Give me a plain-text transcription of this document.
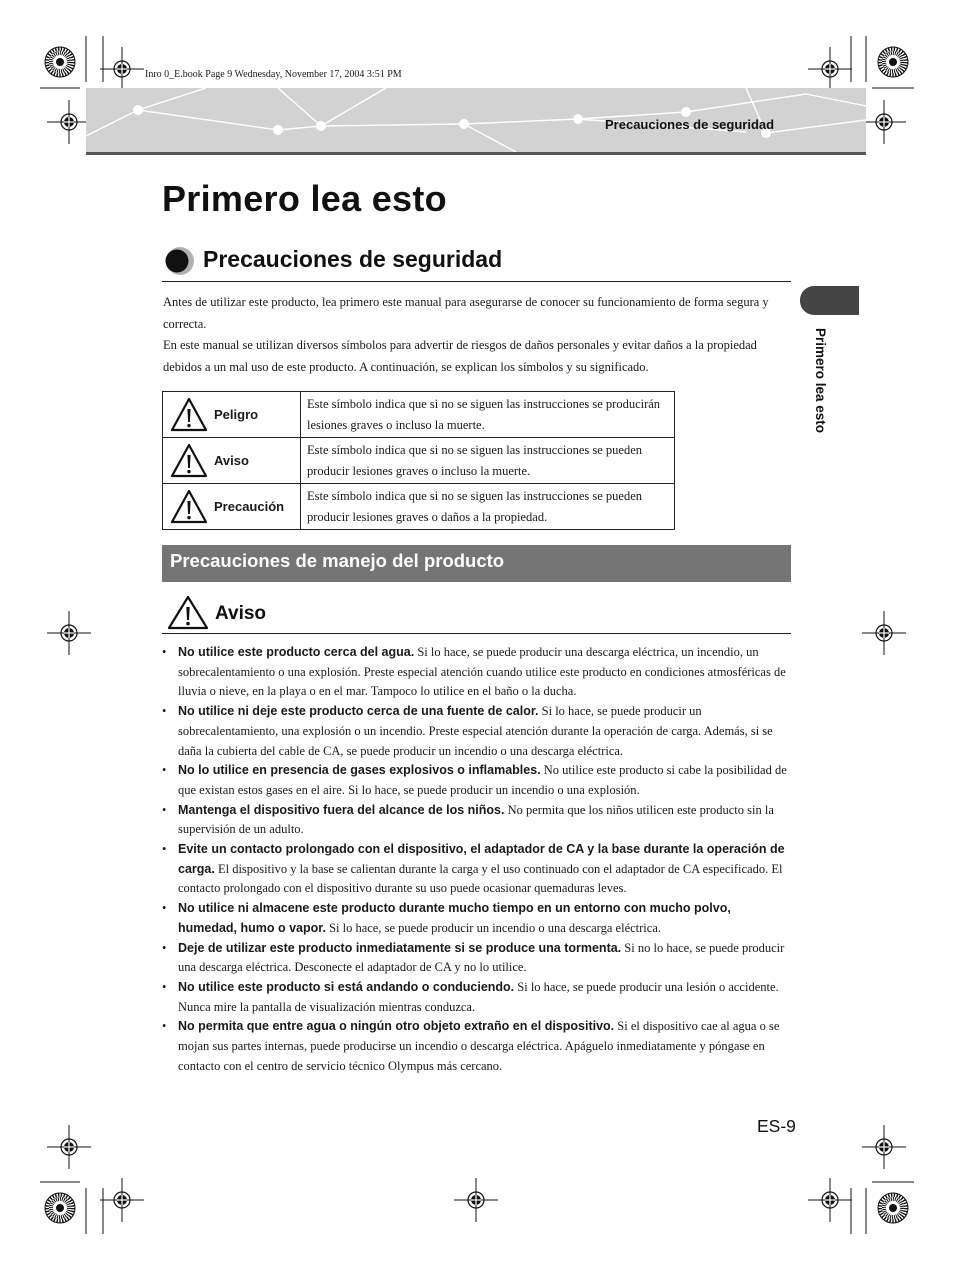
Inro 0_E.book Page 9 Wednesday, November 17, 2004 3:51 PM
Precauciones de seguridad
Primero lea esto
Precauciones de seguridad

Antes de utilizar este producto, lea primero este manual para asegurarse de conocer su funcionamiento de forma segura y correcta.

En este manual se utilizan diversos símbolos para advertir de riesgos de daños personales y evitar daños a la propiedad debidos a un mal uso de este producto. A continuación, se explican los símbolos y su significado.	Primero lea esto
Peligro	Este símbolo indica que si no se siguen las instrucciones se producirán lesiones graves o incluso la muerte.

Aviso	Este símbolo indica que si no se siguen las instrucciones se pueden producir lesiones graves o incluso la muerte.

Precaución	Este símbolo indica que si no se siguen las instrucciones se pueden producir lesiones graves o daños a la propiedad.
Precauciones de manejo del producto
Aviso
• No utilice este producto cerca del agua. Si lo hace, se puede producir una descarga eléctrica, un incendio, un sobrecalentamiento o una explosión. Preste especial atención cuando utilice este producto en condiciones atmosféricas de lluvia o nieve, en la playa o en el mar. Tampoco lo utilice en el baño o la ducha.
• No utilice ni deje este producto cerca de una fuente de calor. Si lo hace, se puede producir un sobrecalentamiento, una explosión o un incendio. Preste especial atención durante la operación de carga. Además, si se daña la cubierta del cable de CA, se puede producir un incendio o una descarga eléctrica.
• No lo utilice en presencia de gases explosivos o inflamables. No utilice este producto si cabe la posibilidad de que existan estos gases en el aire. Si lo hace, se puede producir un incendio o una explosión.
• Mantenga el dispositivo fuera del alcance de los niños. No permita que los niños utilicen este producto sin la supervisión de un adulto.
• Evite un contacto prolongado con el dispositivo, el adaptador de CA y la base durante la operación de carga. El dispositivo y la base se calientan durante la carga y el uso continuado con el adaptador de CA especificado. El contacto prolongado con el dispositivo durante su uso puede ocasionar quemaduras leves.
• No utilice ni almacene este producto durante mucho tiempo en un entorno con mucho polvo, humedad, humo o vapor. Si lo hace, se puede producir un incendio o una descarga eléctrica.
• Deje de utilizar este producto inmediatamente si se produce una tormenta. Si no lo hace, se puede producir una descarga eléctrica. Desconecte el adaptador de CA y no lo utilice.
• No utilice este producto si está andando o conduciendo. Si lo hace, se puede producir una lesión o accidente. Nunca mire la pantalla de visualización mientras conduzca.
• No permita que entre agua o ningún otro objeto extraño en el dispositivo. Si el dispositivo cae al agua o se mojan sus partes internas, puede producirse un incendio o descarga eléctrica. Apáguelo inmediatamente y póngase en contacto con el centro de servicio técnico Olympus más cercano.
ES-9
